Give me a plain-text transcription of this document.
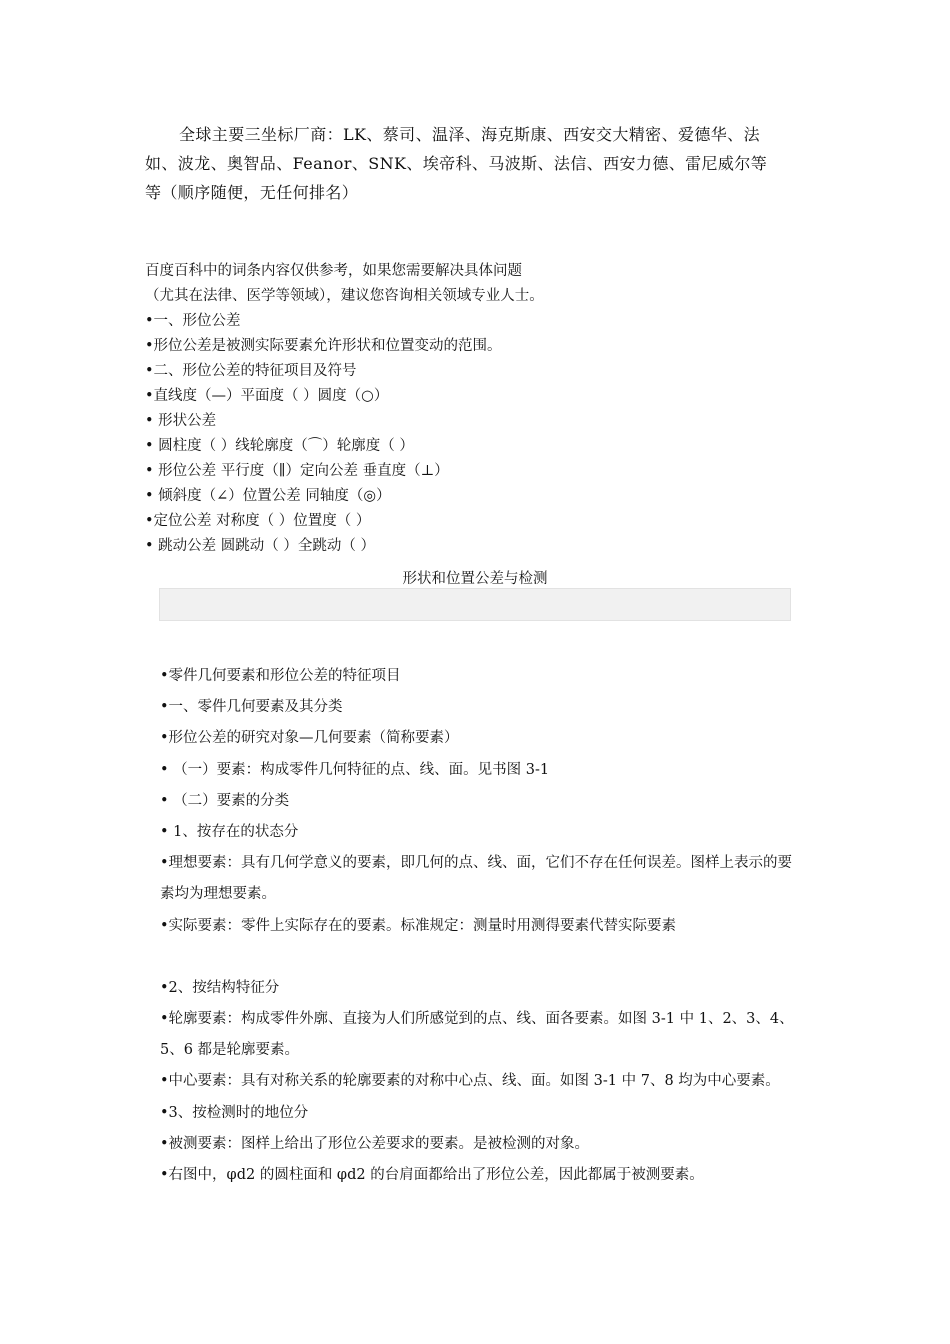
全球主要三坐标厂商：LK、蔡司、温泽、海克斯康、西安交大精密、爱德华、法

如、波龙、奥智品、Feanor、SNK、埃帝科、马波斯、法信、西安力德、雷尼威尔等

等（顺序随便，无任何排名）

百度百科中的词条内容仅供参考，如果您需要解决具体问题

（尤其在法律、医学等领域），建议您咨询相关领域专业人士。

•一、形位公差

•形位公差是被测实际要素允许形状和位置变动的范围。

•二、形位公差的特征项目及符号

•直线度（—）平面度（ ）圆度（○）

• 形状公差

• 圆柱度（ ）线轮廓度（⌒）轮廓度（ ）

• 形位公差 平行度（∥）定向公差 垂直度（⊥）

• 倾斜度（∠）位置公差 同轴度（◎）

•定位公差 对称度（ ）位置度（ ）

• 跳动公差 圆跳动（ ）全跳动（ ）

形状和位置公差与检测

•零件几何要素和形位公差的特征项目

•一、零件几何要素及其分类

•形位公差的研究对象—几何要素（简称要素）

• （一）要素：构成零件几何特征的点、线、面。见书图 3-1

• （二）要素的分类

• 1、按存在的状态分

•理想要素：具有几何学意义的要素，即几何的点、线、面，它们不存在任何误差。图样上表示的要素均为理想要素。

•实际要素：零件上实际存在的要素。标准规定：测量时用测得要素代替实际要素

•2、按结构特征分

•轮廓要素：构成零件外廓、直接为人们所感觉到的点、线、面各要素。如图 3-1 中 1、2、3、4、5、6 都是轮廓要素。

•中心要素：具有对称关系的轮廓要素的对称中心点、线、面。如图 3-1 中 7、8 均为中心要素。

•3、按检测时的地位分

•被测要素：图样上给出了形位公差要求的要素。是被检测的对象。

•右图中，φd2 的圆柱面和 φd2 的台肩面都给出了形位公差，因此都属于被测要素。
